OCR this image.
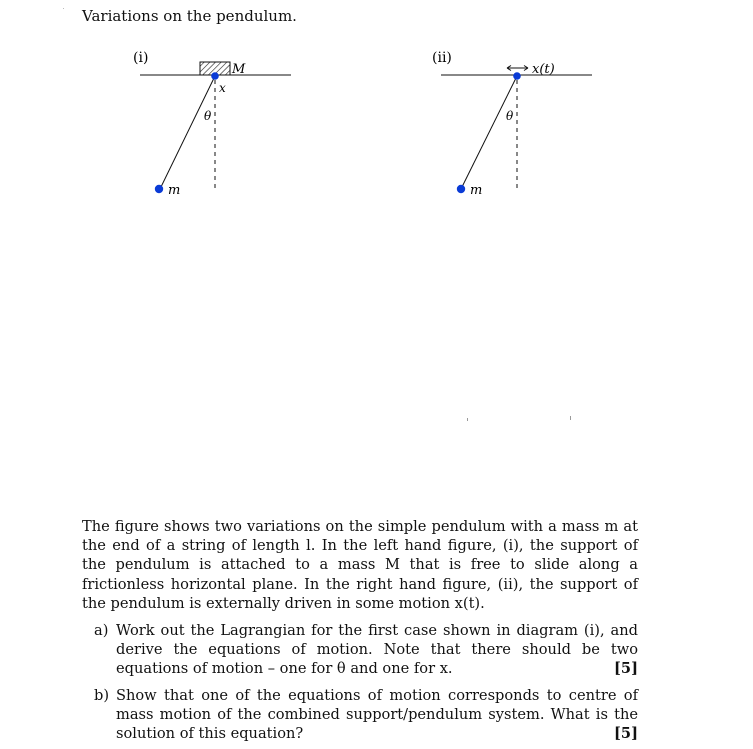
Variations on the pendulum.
(i)
M
x
θ
m
(ii)
x(t)
θ
m

The figure shows two variations on the simple pendulum with a mass m at the end of a string of length l. In the left hand figure, (i), the support of the pendulum is attached to a mass M that is free to slide along a frictionless horizontal plane. In the right hand figure, (ii), the support of the pendulum is externally driven in some motion x(t).

a) Work out the Lagrangian for the first case shown in diagram (i), and derive the equations of motion. Note that there should be two equations of motion – one for θ and one for x.	[5]
b) Show that one of the equations of motion corresponds to centre of mass motion of the combined support/pendulum system. What is the solution of this equation?	[5]
